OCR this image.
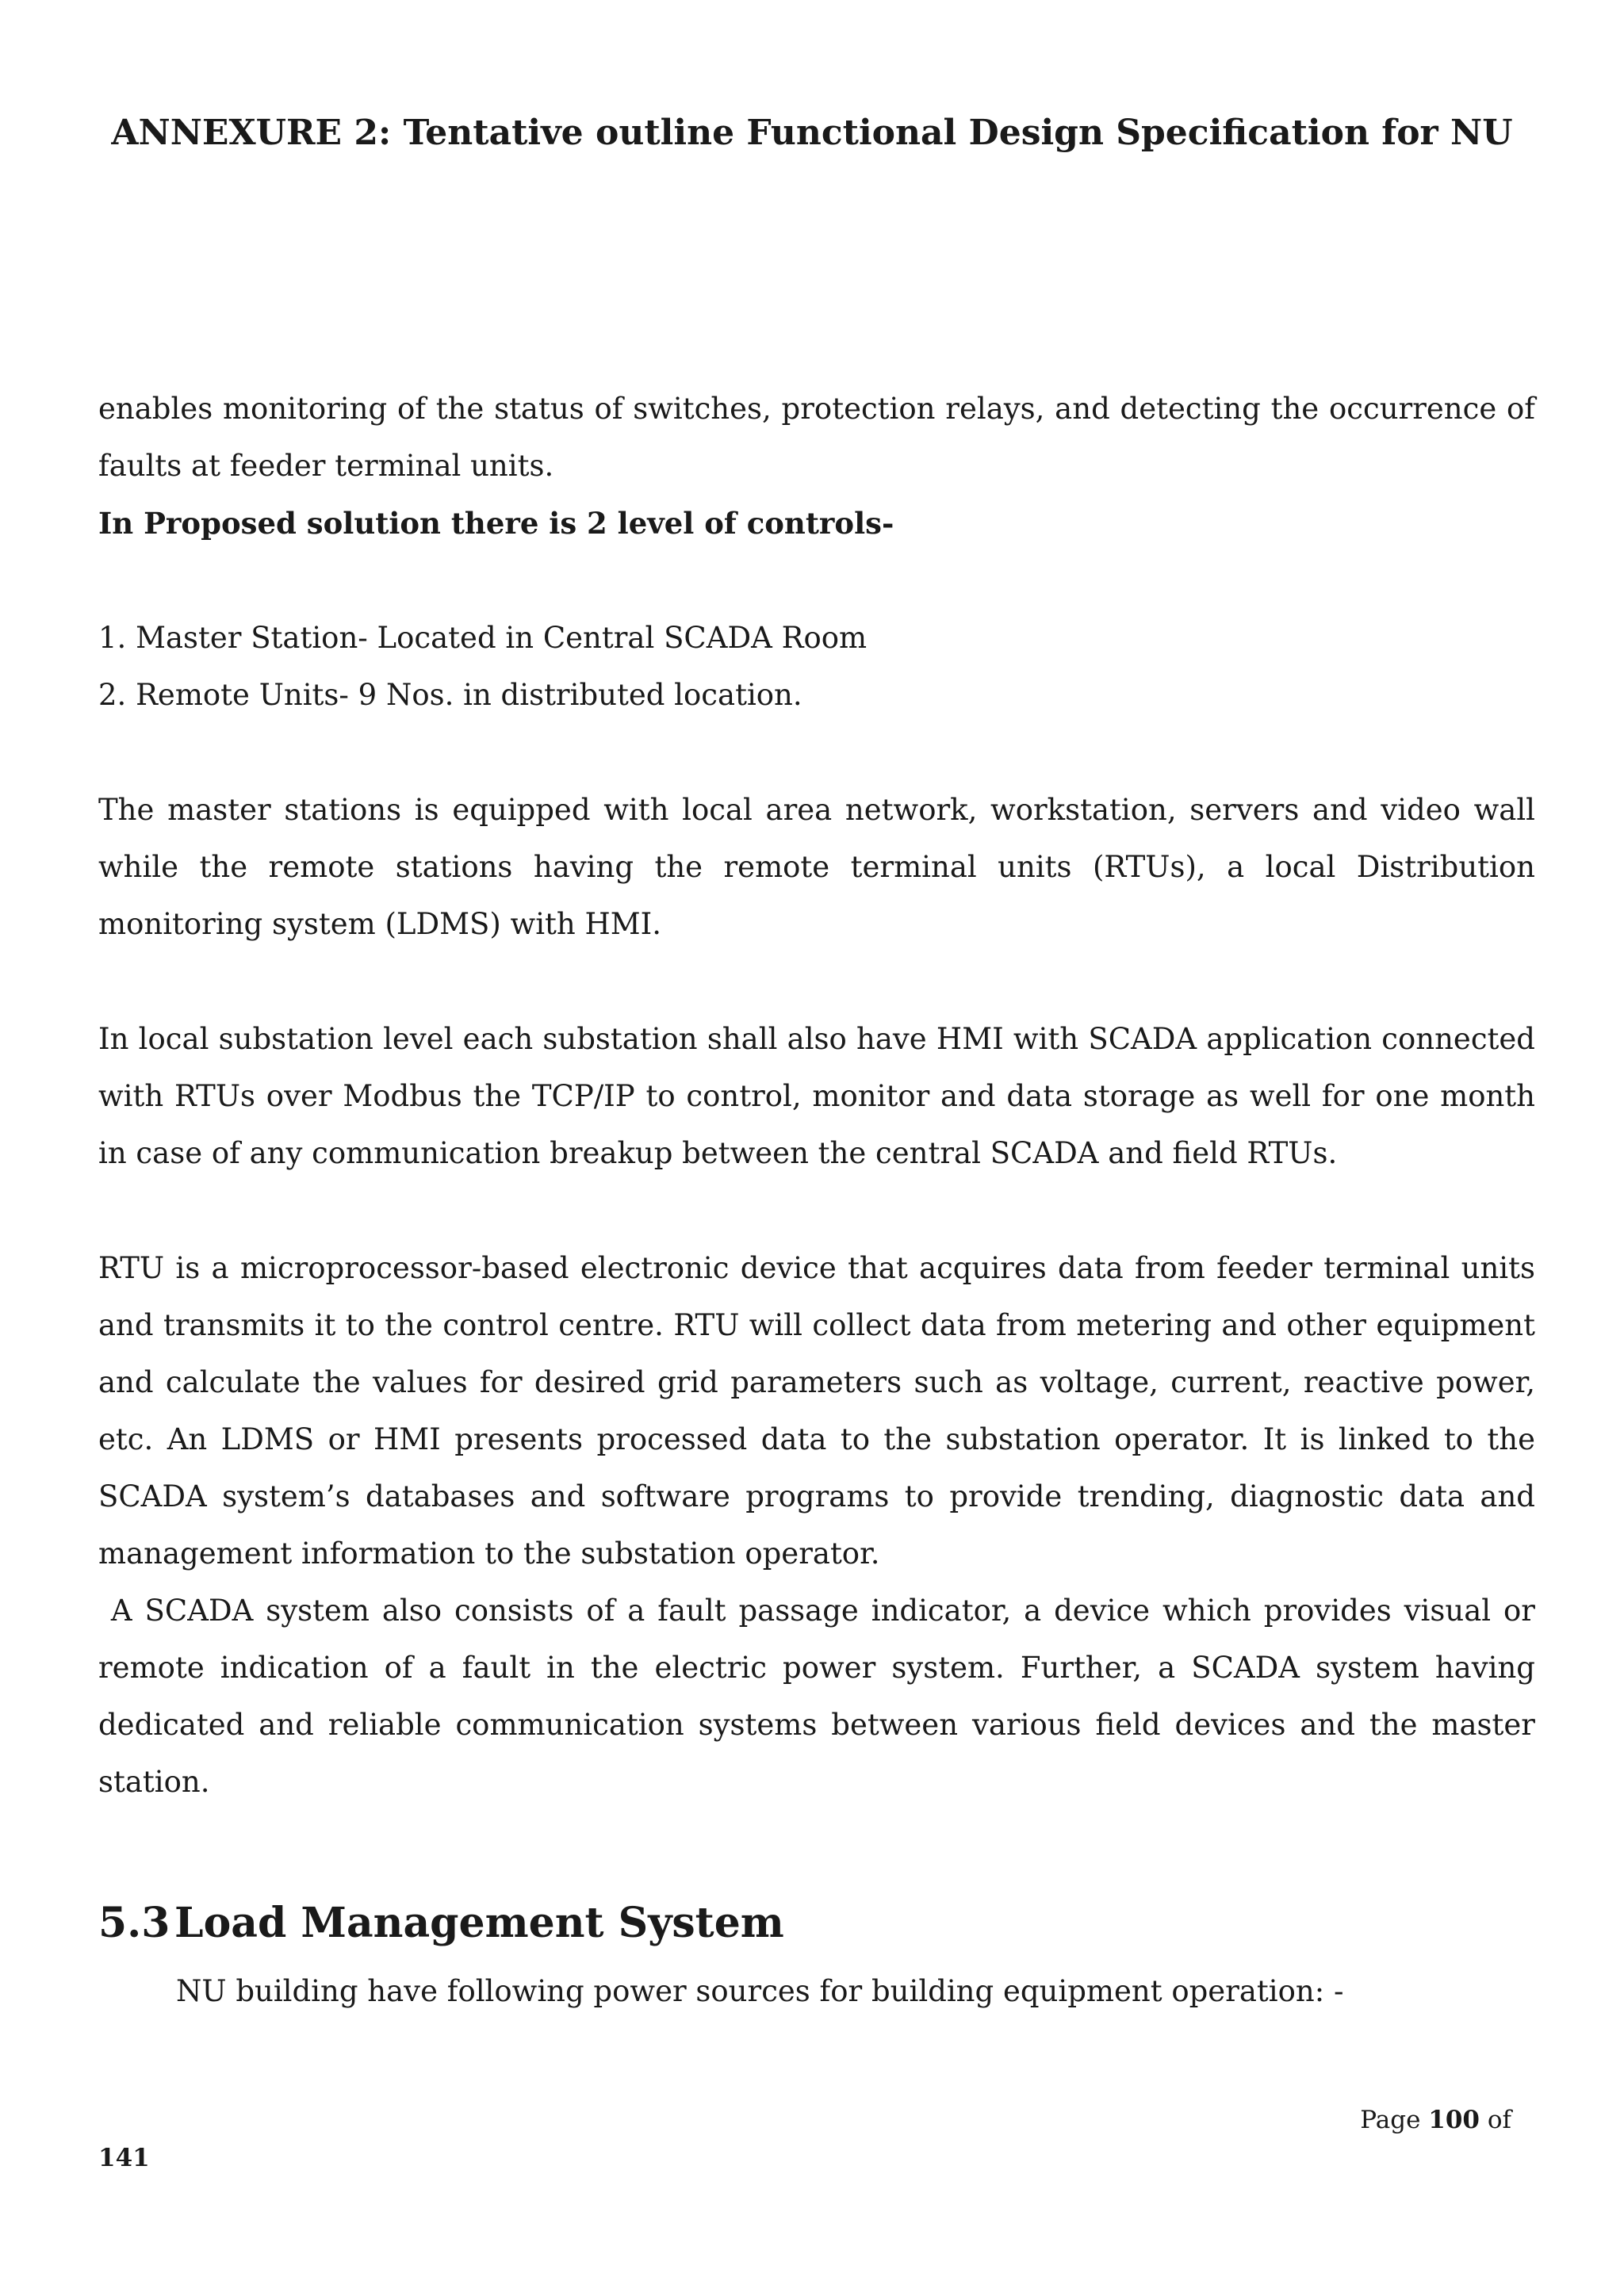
ANNEXURE 2: Tentative outline Functional Design Specification for NU

enables monitoring of the status of switches, protection relays, and detecting the occurrence of faults at feeder terminal units.

In Proposed solution there is 2 level of controls-

1. Master Station- Located in Central SCADA Room

2. Remote Units- 9 Nos. in distributed location.

The master stations is equipped with local area network, workstation, servers and video wall while the remote stations having the remote terminal units (RTUs), a local Distribution monitoring system (LDMS) with HMI.

In local substation level each substation shall also have HMI with SCADA application connected with RTUs over Modbus the TCP/IP to control, monitor and data storage as well for one month in case of any communication breakup between the central SCADA and field RTUs.

RTU is a microprocessor-based electronic device that acquires data from feeder terminal units and transmits it to the control centre. RTU will collect data from metering and other equipment and calculate the values for desired grid parameters such as voltage, current, reactive power, etc. An LDMS or HMI presents processed data to the substation operator. It is linked to the SCADA system’s databases and software programs to provide trending, diagnostic data and management information to the substation operator.

A SCADA system also consists of a fault passage indicator, a device which provides visual or remote indication of a fault in the electric power system. Further, a SCADA system having dedicated and reliable communication systems between various field devices and the master station.

5.3 Load Management System
NU building have following power sources for building equipment operation: -
Page 100 of
141
